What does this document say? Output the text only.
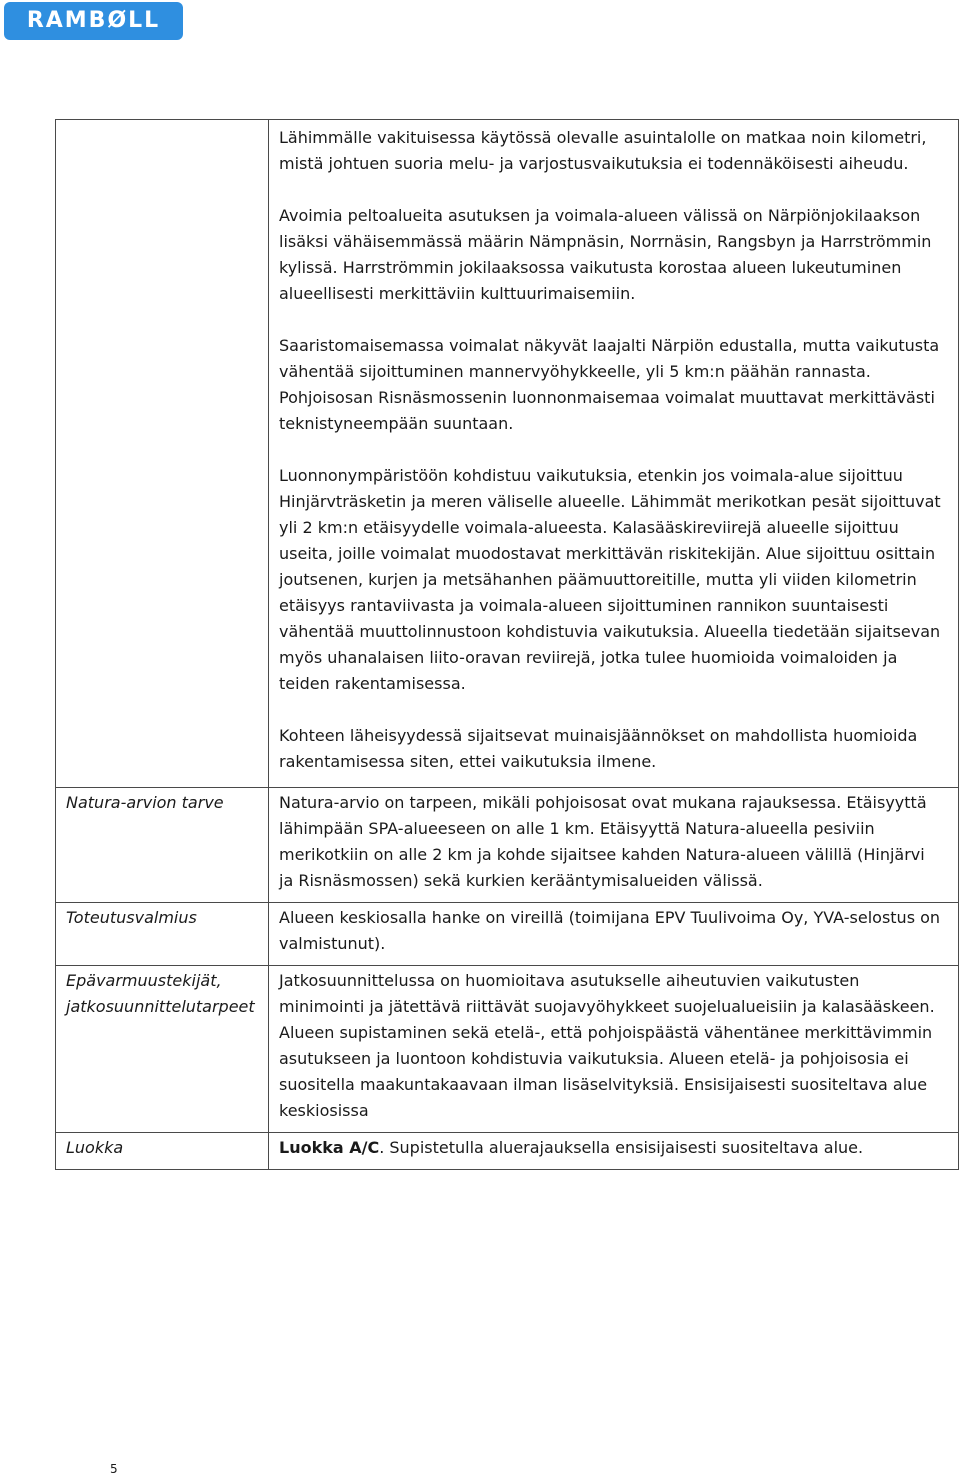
RAMBØLL

	Lähimmälle vakituisessa käytössä olevalle asuintalolle on matkaa noin kilometri, mistä johtuen suoria melu- ja varjostusvaikutuksia ei todennäköisesti aiheudu.

Avoimia peltoalueita asutuksen ja voimala-alueen välissä on Närpiönjokilaakson lisäksi vähäisemmässä määrin Nämpnäsin, Norrnäsin, Rangsbyn ja Harrströmmin kylissä. Harrströmmin jokilaaksossa vaikutusta korostaa alueen lukeutuminen alueellisesti merkittäviin kulttuurimaisemiin.

Saaristomaisemassa voimalat näkyvät laajalti Närpiön edustalla, mutta vaikutusta vähentää sijoittuminen mannervyöhykkeelle, yli 5 km:n päähän rannasta. Pohjoisosan Risnäsmossenin luonnonmaisemaa voimalat muuttavat merkittävästi teknistyneempään suuntaan.

Luonnonympäristöön kohdistuu vaikutuksia, etenkin jos voimala-alue sijoittuu Hinjärvträsketin ja meren väliselle alueelle. Lähimmät merikotkan pesät sijoittuvat yli 2 km:n etäisyydelle voimala-alueesta. Kalasääskireviirejä alueelle sijoittuu useita, joille voimalat muodostavat merkittävän riskitekijän. Alue sijoittuu osittain joutsenen, kurjen ja metsähanhen päämuuttoreitille, mutta yli viiden kilometrin etäisyys rantaviivasta ja voimala-alueen sijoittuminen rannikon suuntaisesti vähentää muuttolinnustoon kohdistuvia vaikutuksia. Alueella tiedetään sijaitsevan myös uhanalaisen liito-oravan reviirejä, jotka tulee huomioida voimaloiden ja teiden rakentamisessa.

Kohteen läheisyydessä sijaitsevat muinaisjäännökset on mahdollista huomioida rakentamisessa siten, ettei vaikutuksia ilmene.

Natura-arvion tarve	Natura-arvio on tarpeen, mikäli pohjoisosat ovat mukana rajauksessa. Etäisyyttä lähimpään SPA-alueeseen on alle 1 km. Etäisyyttä Natura-alueella pesiviin merikotkiin on alle 2 km ja kohde sijaitsee kahden Natura-alueen välillä (Hinjärvi ja Risnäsmossen) sekä kurkien kerääntymisalueiden välissä.
Toteutusvalmius	Alueen keskiosalla hanke on vireillä (toimijana EPV Tuulivoima Oy, YVA-selostus on valmistunut).
Epävarmuustekijät, jatkosuunnittelutarpeet	Jatkosuunnittelussa on huomioitava asutukselle aiheutuvien vaikutusten minimointi ja jätettävä riittävät suojavyöhykkeet suojelualueisiin ja kalasääskeen. Alueen supistaminen sekä etelä-, että pohjoispäästä vähentänee merkittävimmin asutukseen ja luontoon kohdistuvia vaikutuksia. Alueen etelä- ja pohjoisosia ei suositella maakuntakaavaan ilman lisäselvityksiä. Ensisijaisesti suositeltava alue keskiosissa
Luokka	Luokka A/C. Supistetulla aluerajauksella ensisijaisesti suositeltava alue.
5
